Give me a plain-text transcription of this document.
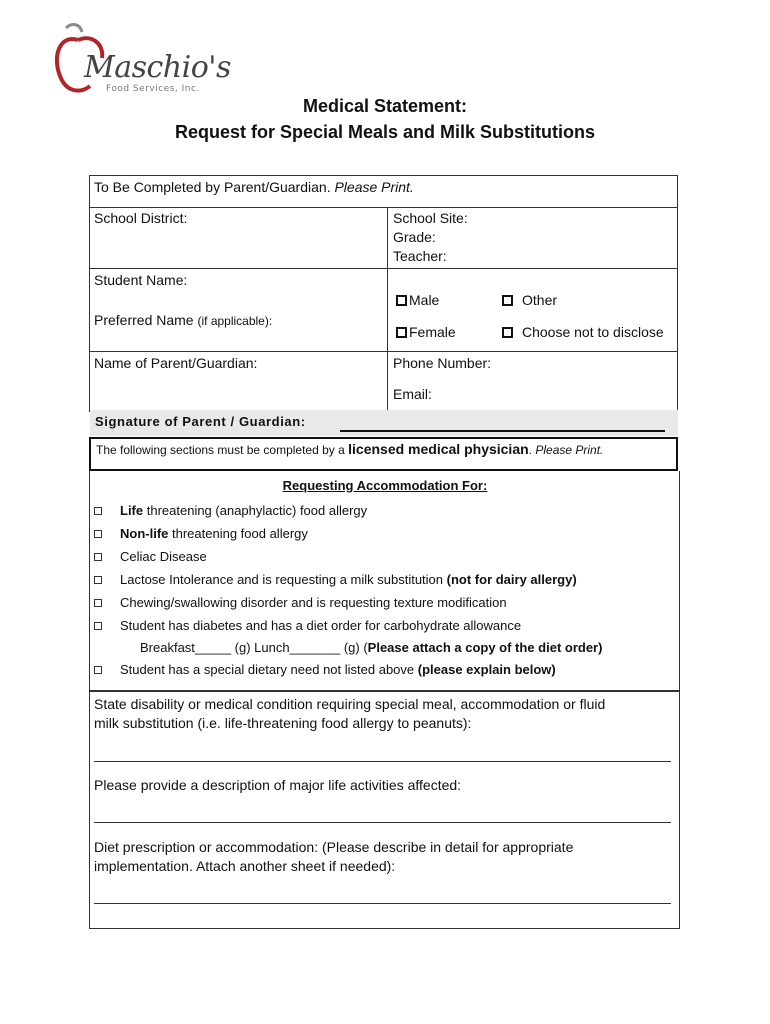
Maschio's
Food Services, Inc.
Medical Statement:
Request for Special Meals and Milk Substitutions
To Be Completed by Parent/Guardian. Please Print.
School District:	School Site:
Grade:
Teacher:
Student Name:
Preferred Name (if applicable):
Male	Other
Female	Choose not to disclose
Name of Parent/Guardian:	Phone Number:
Email:
Signature of Parent / Guardian:
The following sections must be completed by a licensed medical physician. Please Print.
Requesting Accommodation For:
Life threatening (anaphylactic) food allergy
Non-life threatening food allergy
Celiac Disease
Lactose Intolerance and is requesting a milk substitution (not for dairy allergy)
Chewing/swallowing disorder and is requesting texture modification
Student has diabetes and has a diet order for carbohydrate allowance
Breakfast_____ (g) Lunch_______ (g) (Please attach a copy of the diet order)
Student has a special dietary need not listed above (please explain below)
State disability or medical condition requiring special meal, accommodation or fluid
milk substitution (i.e. life-threatening food allergy to peanuts):
Please provide a description of major life activities affected:
Diet prescription or accommodation: (Please describe in detail for appropriate
implementation. Attach another sheet if needed):
